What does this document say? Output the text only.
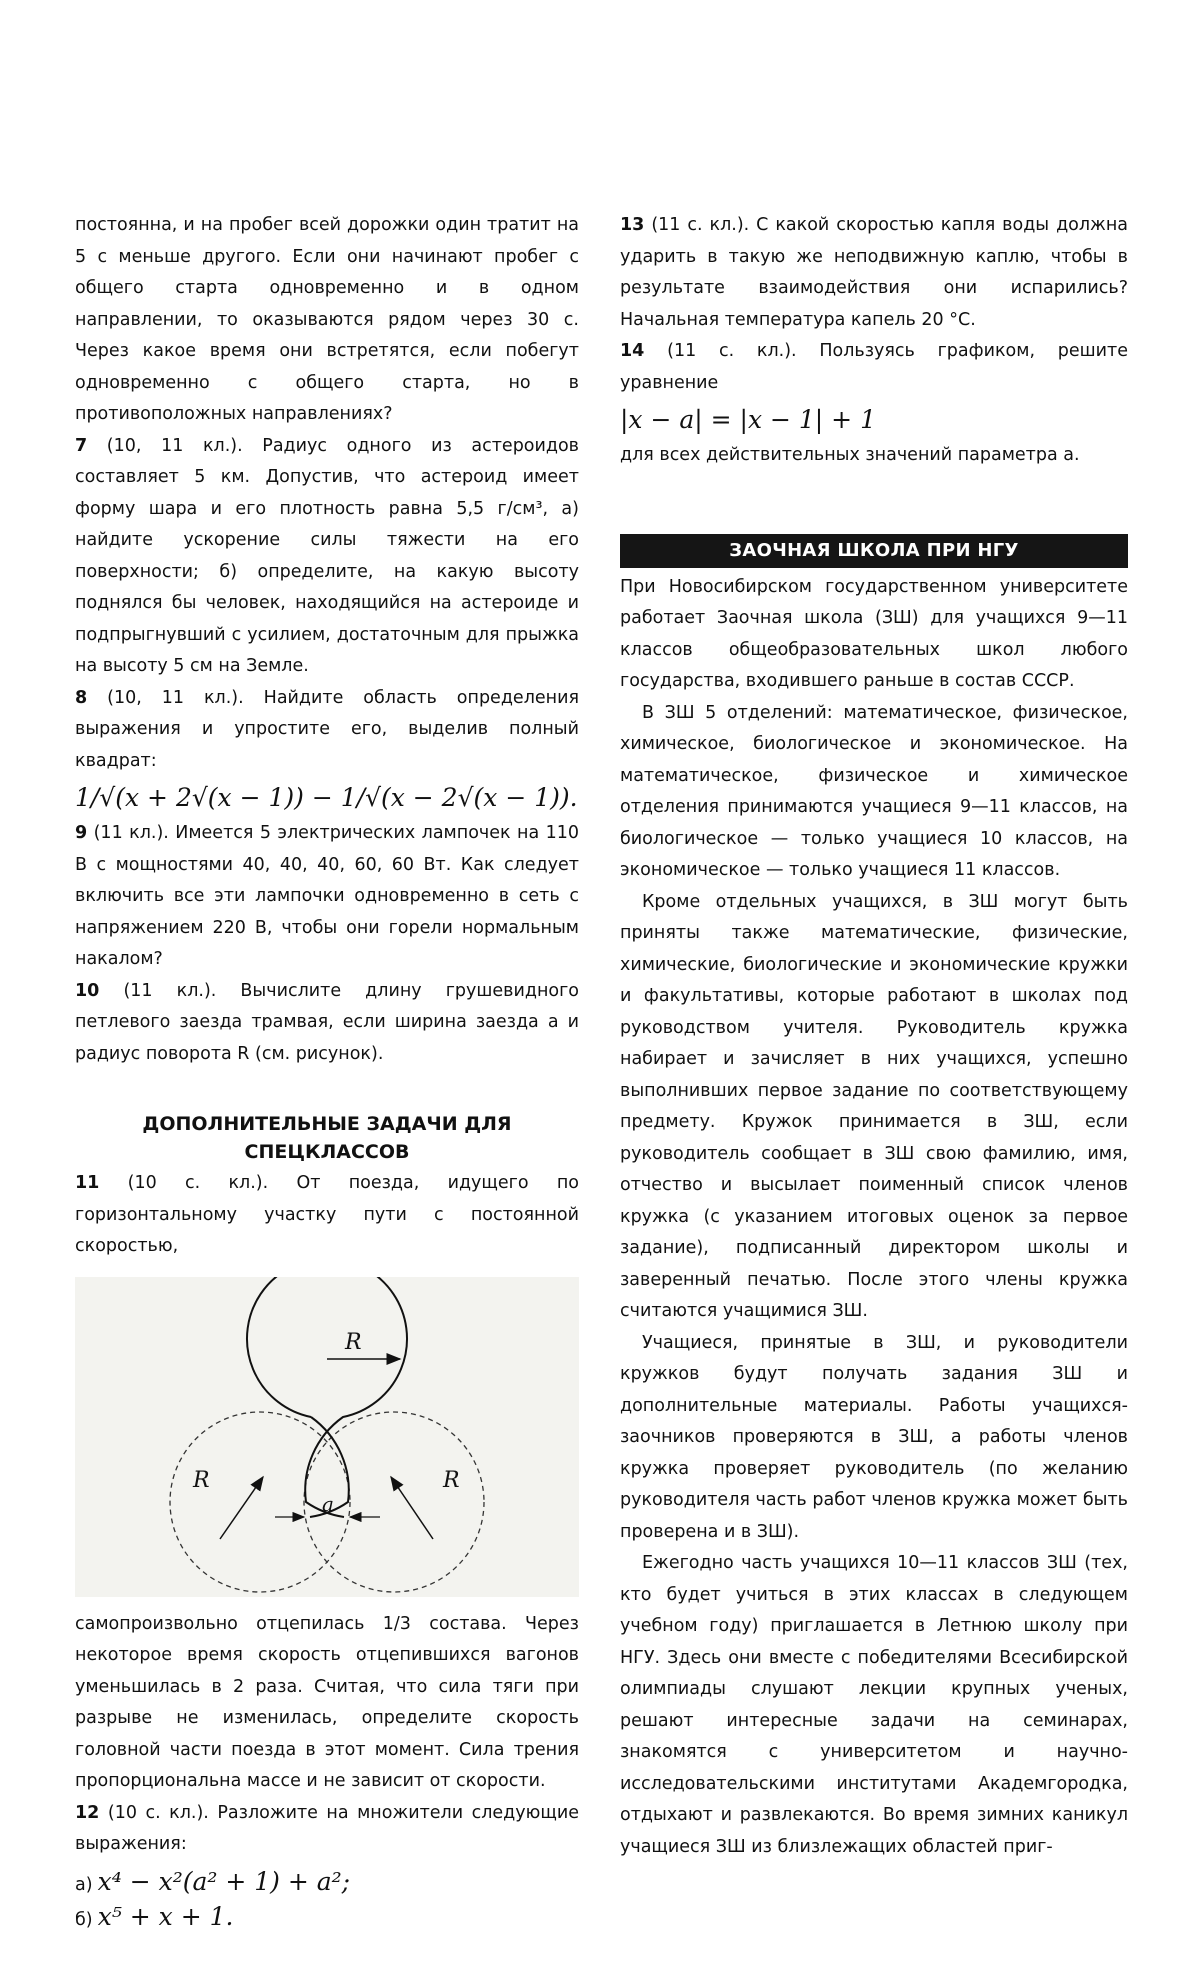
постоянна, и на пробег всей дорожки один тратит на 5 с меньше другого. Если они начинают пробег с общего старта одновременно и в одном направлении, то оказываются рядом через 30 с. Через какое время они встретятся, если побегут одновременно с общего старта, но в противоположных направлениях?

7 (10, 11 кл.). Радиус одного из астероидов составляет 5 км. Допустив, что астероид имеет форму шара и его плотность равна 5,5 г/см³, а) найдите ускорение силы тяжести на его поверхности; б) определите, на какую высоту поднялся бы человек, находящийся на астероиде и подпрыгнувший с усилием, достаточным для прыжка на высоту 5 см на Земле.

8 (10, 11 кл.). Найдите область определения выражения и упростите его, выделив полный квадрат:

1/√(x + 2√(x − 1)) − 1/√(x − 2√(x − 1)).

9 (11 кл.). Имеется 5 электрических лампочек на 110 В с мощностями 40, 40, 40, 60, 60 Вт. Как следует включить все эти лампочки одновременно в сеть с напряжением 220 В, чтобы они горели нормальным накалом?

10 (11 кл.). Вычислите длину грушевидного петлевого заезда трамвая, если ширина заезда a и радиус поворота R (см. рисунок).

ДОПОЛНИТЕЛЬНЫЕ ЗАДАЧИ ДЛЯ СПЕЦКЛАССОВ

11 (10 с. кл.). От поезда, идущего по горизонтальному участку пути с постоянной скоростью,

R
R	R
a

самопроизвольно отцепилась 1/3 состава. Через некоторое время скорость отцепившихся вагонов уменьшилась в 2 раза. Считая, что сила тяги при разрыве не изменилась, определите скорость головной части поезда в этот момент. Сила трения пропорциональна массе и не зависит от скорости.

12 (10 с. кл.). Разложите на множители следующие выражения:

а) x⁴ − x²(a² + 1) + a²;
б) x⁵ + x + 1.

13 (11 с. кл.). С какой скоростью капля воды должна ударить в такую же неподвижную каплю, чтобы в результате взаимодействия они испарились? Начальная температура капель 20 °С.

14 (11 с. кл.). Пользуясь графиком, решите уравнение

|x − a| = |x − 1| + 1

для всех действительных значений параметра a.

ЗАОЧНАЯ ШКОЛА ПРИ НГУ

При Новосибирском государственном университете работает Заочная школа (ЗШ) для учащихся 9—11 классов общеобразовательных школ любого государства, входившего раньше в состав СССР.

В ЗШ 5 отделений: математическое, физическое, химическое, биологическое и экономическое. На математическое, физическое и химическое отделения принимаются учащиеся 9—11 классов, на биологическое — только учащиеся 10 классов, на экономическое — только учащиеся 11 классов.

Кроме отдельных учащихся, в ЗШ могут быть приняты также математические, физические, химические, биологические и экономические кружки и факультативы, которые работают в школах под руководством учителя. Руководитель кружка набирает и зачисляет в них учащихся, успешно выполнивших первое задание по соответствующему предмету. Кружок принимается в ЗШ, если руководитель сообщает в ЗШ свою фамилию, имя, отчество и высылает поименный список членов кружка (с указанием итоговых оценок за первое задание), подписанный директором школы и заверенный печатью. После этого члены кружка считаются учащимися ЗШ.

Учащиеся, принятые в ЗШ, и руководители кружков будут получать задания ЗШ и дополнительные материалы. Работы учащихся-заочников проверяются в ЗШ, а работы членов кружка проверяет руководитель (по желанию руководителя часть работ членов кружка может быть проверена и в ЗШ).

Ежегодно часть учащихся 10—11 классов ЗШ (тех, кто будет учиться в этих классах в следующем учебном году) приглашается в Летнюю школу при НГУ. Здесь они вместе с победителями Всесибирской олимпиады слушают лекции крупных ученых, решают интересные задачи на семинарах, знакомятся с университетом и научно-исследовательскими институтами Академгородка, отдыхают и развлекаются. Во время зимних каникул учащиеся ЗШ из близлежащих областей приг-
